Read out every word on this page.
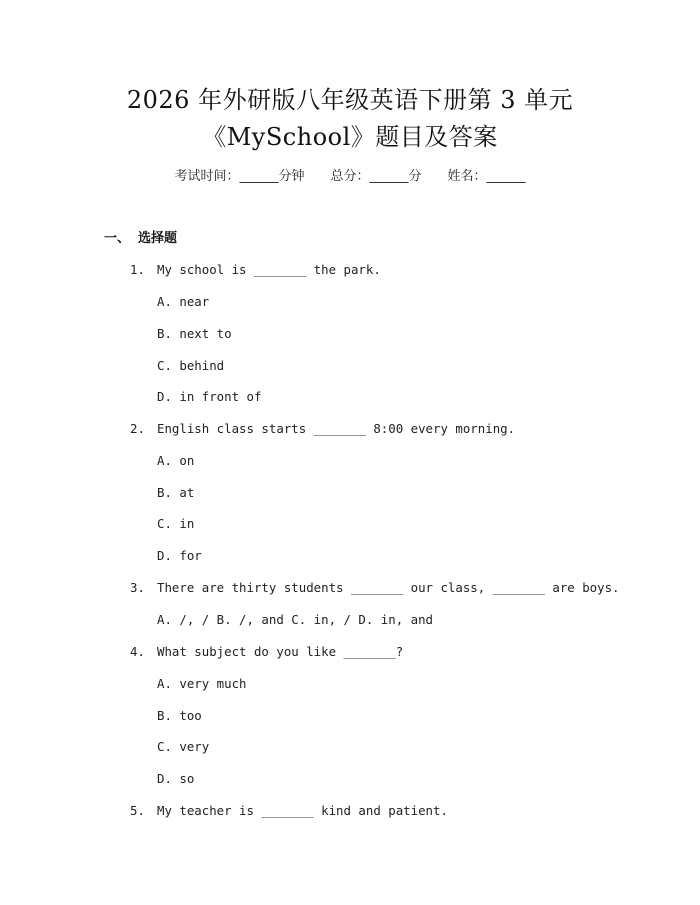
2026 年外研版八年级英语下册第 3 单元
《MySchool》题目及答案
考试时间：______分钟 总分：______分 姓名：______
一、 选择题
1. My school is _______ the park.
A. near
B. next to
C. behind
D. in front of
2. English class starts _______ 8:00 every morning.
A. on
B. at
C. in
D. for
3. There are thirty students _______ our class, _______ are boys.
A. /, / B. /, and C. in, / D. in, and
4. What subject do you like _______?
A. very much
B. too
C. very
D. so
5. My teacher is _______ kind and patient.
